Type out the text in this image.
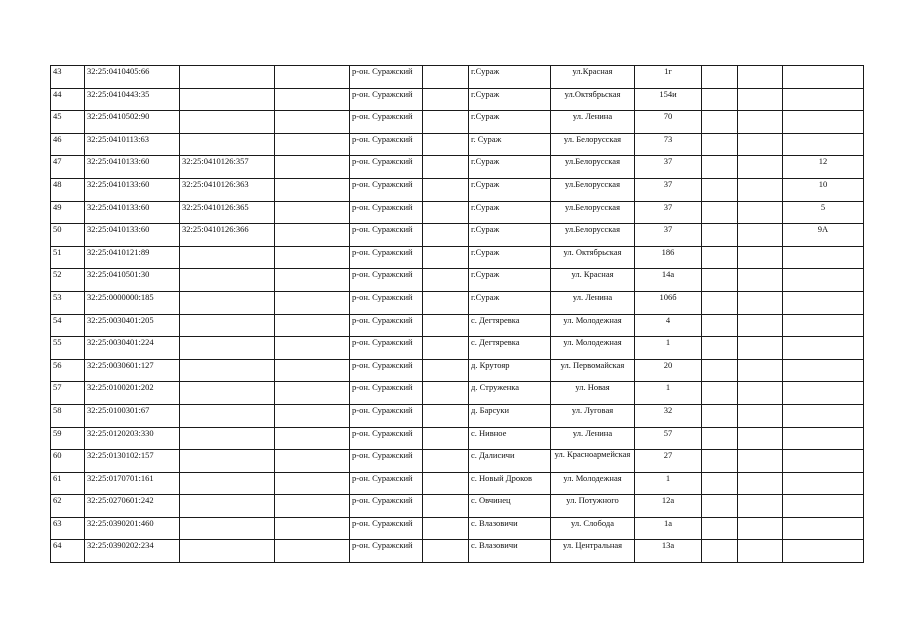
43	32:25:0410405:66			р-он. Суражский		г.Сураж	ул.Красная	1г			
44	32:25:0410443:35			р-он. Суражский		г.Сураж	ул.Октябрьская	154и			
45	32:25:0410502:90			р-он. Суражский		г.Сураж	ул. Ленина	70			
46	32:25:0410113:63			р-он. Суражский		г. Сураж	ул. Белорусская	73			
47	32:25:0410133:60	32:25:0410126:357		р-он. Суражский		г.Сураж	ул.Белорусская	37			12
48	32:25:0410133:60	32:25:0410126:363		р-он. Суражский		г.Сураж	ул.Белорусская	37			10
49	32:25:0410133:60	32:25:0410126:365		р-он. Суражский		г.Сураж	ул.Белорусская	37			5
50	32:25:0410133:60	32:25:0410126:366		р-он. Суражский		г.Сураж	ул.Белорусская	37			9А
51	32:25:0410121:89			р-он. Суражский		г.Сураж	ул. Октябрьская	186			
52	32:25:0410501:30			р-он. Суражский		г.Сураж	ул. Красная	14а			
53	32:25:0000000:185			р-он. Суражский		г.Сураж	ул. Ленина	106б			
54	32:25:0030401:205			р-он. Суражский		с. Дегтяревка	ул. Молодежная	4			
55	32:25:0030401:224			р-он. Суражский		с. Дегтяревка	ул. Молодежная	1			
56	32:25:0030601:127			р-он. Суражский		д. Крутояр	ул. Первомайская	20			
57	32:25:0100201:202			р-он. Суражский		д. Струженка	ул. Новая	1			
58	32:25:0100301:67			р-он. Суражский		д. Барсуки	ул. Луговая	32			
59	32:25:0120203:330			р-он. Суражский		с. Нивное	ул. Ленина	57			
60	32:25:0130102:157			р-он. Суражский		с. Далисичи	ул. Красноармейская	27			
61	32:25:0170701:161			р-он. Суражский		с. Новый Дроков	ул. Молодежная	1			
62	32:25:0270601:242			р-он. Суражский		с. Овчинец	ул. Потужного	12а			
63	32:25:0390201:460			р-он. Суражский		с. Влазовичи	ул. Слобода	1а			
64	32:25:0390202:234			р-он. Суражский		с. Влазовичи	ул. Центральная	13а			
